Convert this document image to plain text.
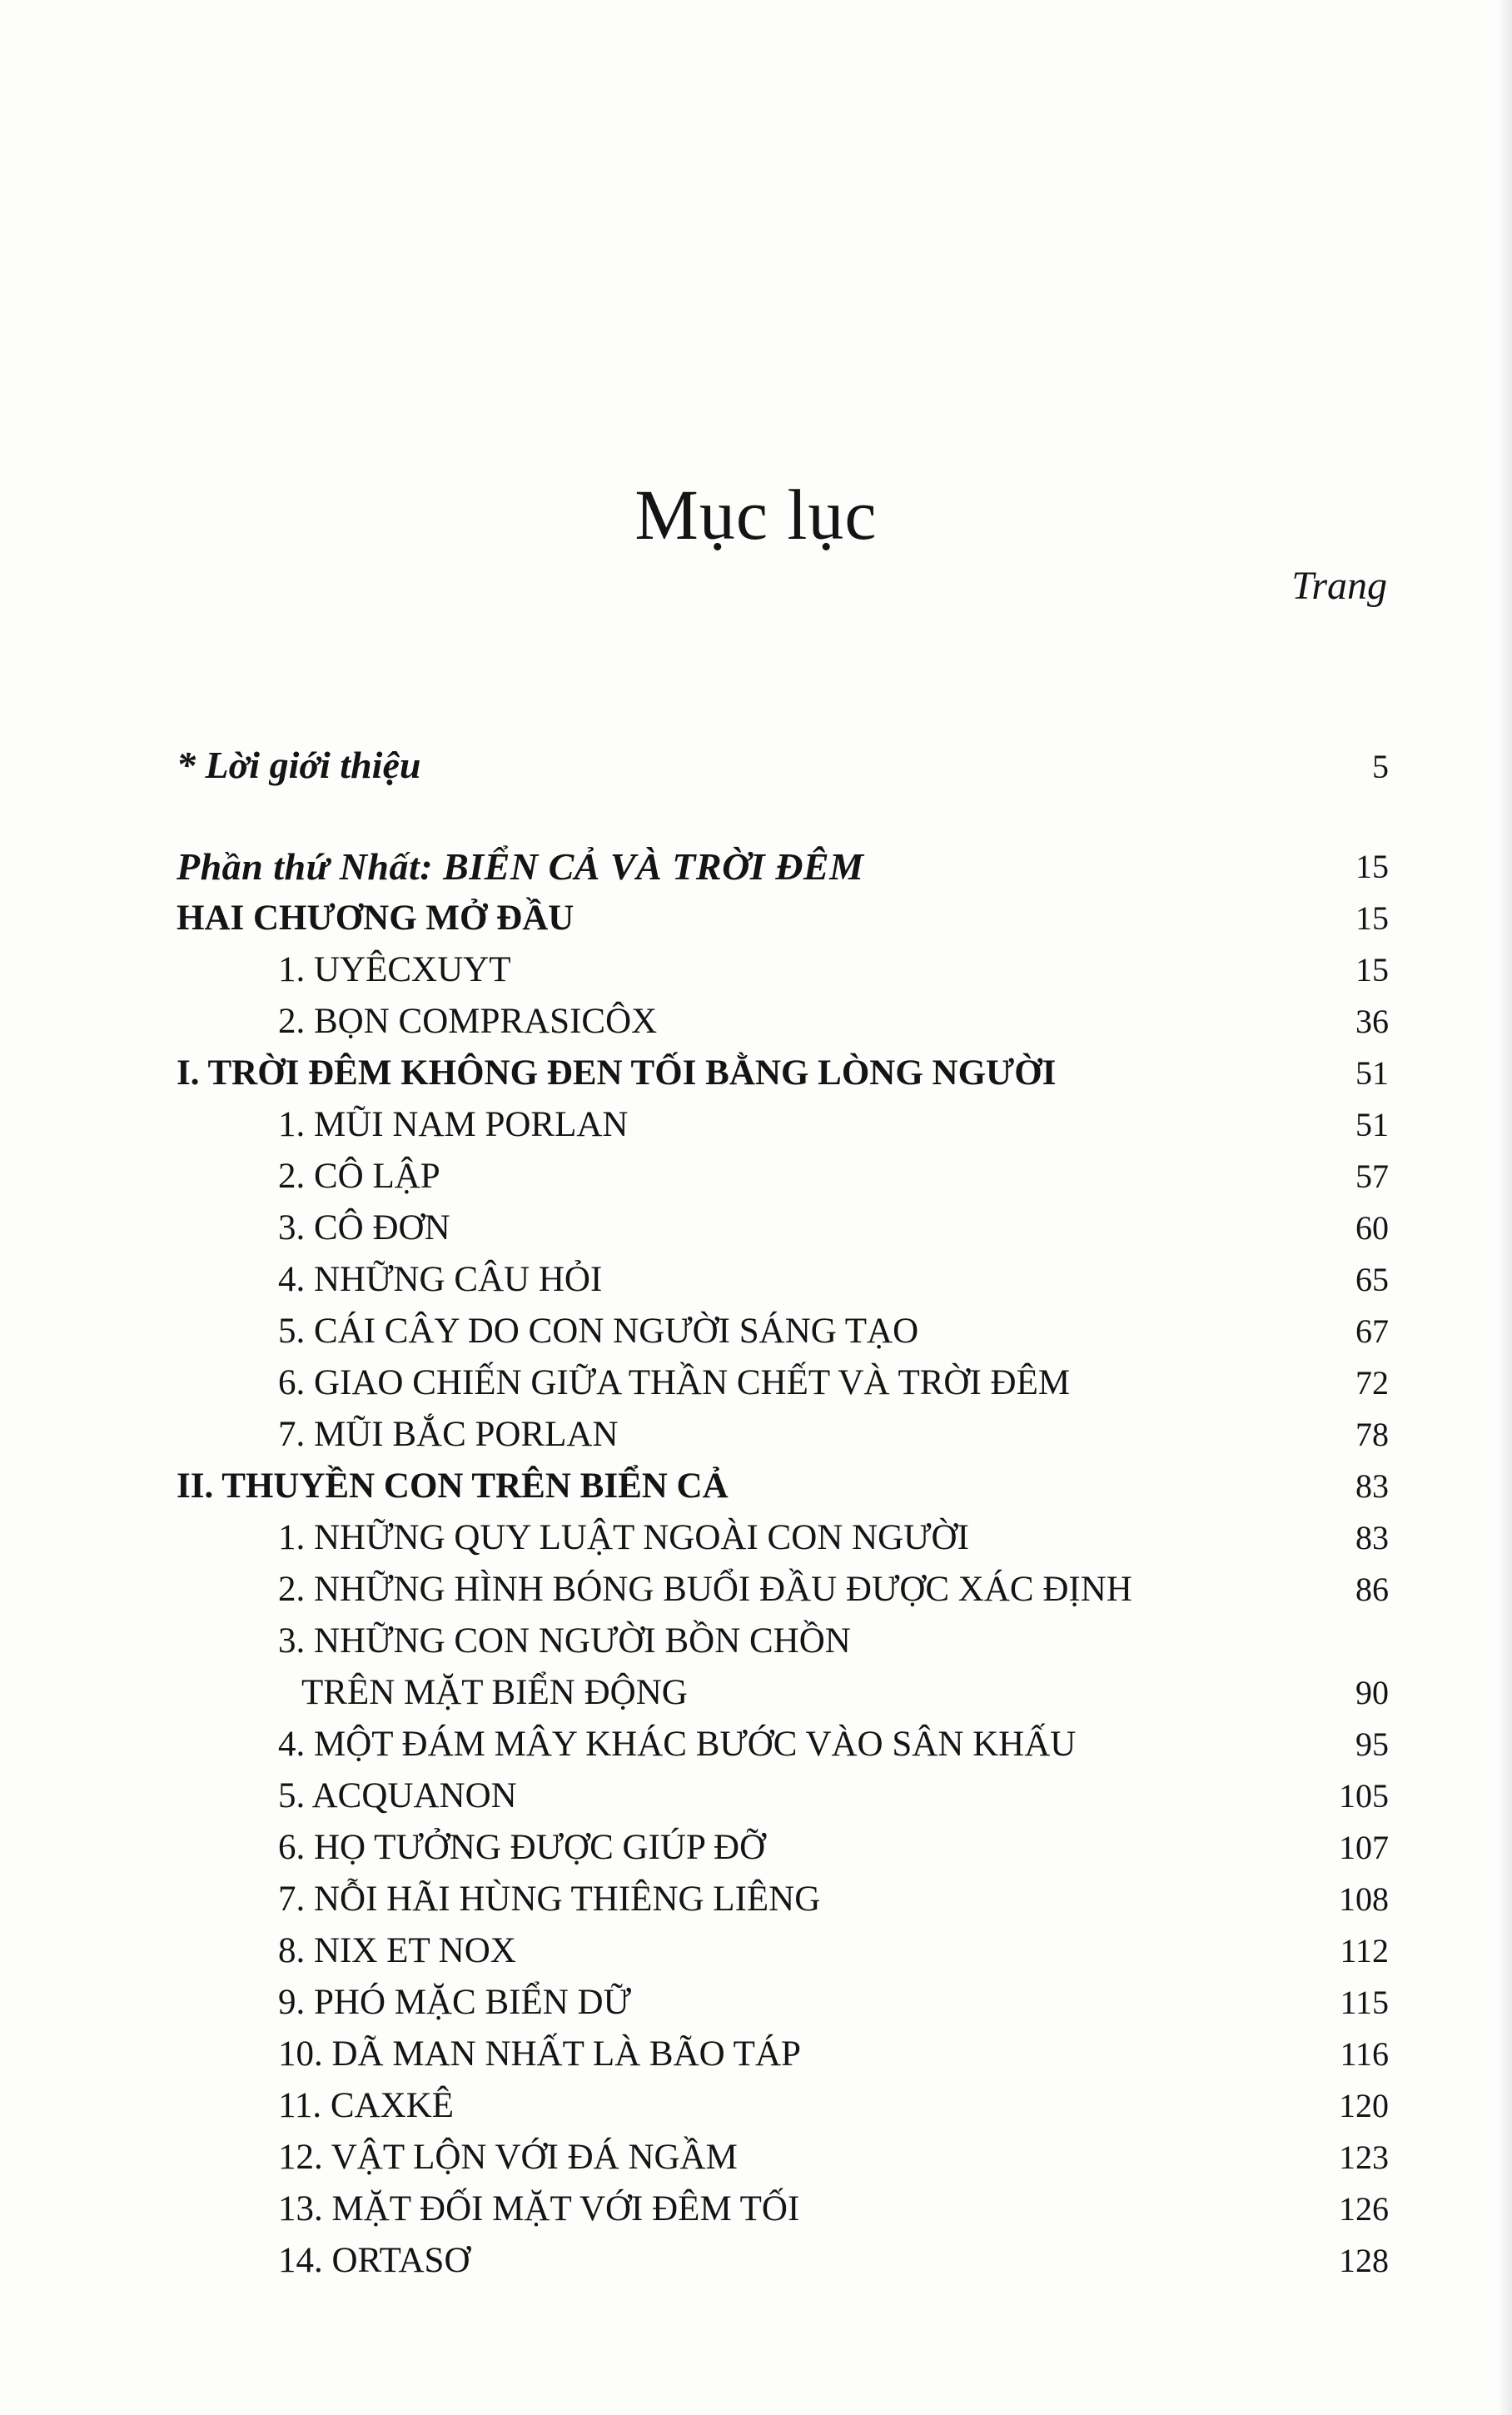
Mục lục
Trang
* Lời giới thiệu	5
Phần thứ Nhất: BIỂN CẢ VÀ TRỜI ĐÊM	15
HAI CHƯƠNG MỞ ĐẦU	15
1. UYÊCXUYT	15
2. BỌN COMPRASICÔX	36
I. TRỜI ĐÊM KHÔNG ĐEN TỐI BẰNG LÒNG NGƯỜI	51
1. MŨI NAM PORLAN	51
2. CÔ LẬP	57
3. CÔ ĐƠN	60
4. NHỮNG CÂU HỎI	65
5. CÁI CÂY DO CON NGƯỜI SÁNG TẠO	67
6. GIAO CHIẾN GIỮA THẦN CHẾT VÀ TRỜI ĐÊM	72
7. MŨI BẮC PORLAN	78
II. THUYỀN CON TRÊN BIỂN CẢ	83
1. NHỮNG QUY LUẬT NGOÀI CON NGƯỜI	83
2. NHỮNG HÌNH BÓNG BUỔI ĐẦU ĐƯỢC XÁC ĐỊNH	86
3. NHỮNG CON NGƯỜI BỒN CHỒN
TRÊN MẶT BIỂN ĐỘNG	90
4. MỘT ĐÁM MÂY KHÁC BƯỚC VÀO SÂN KHẤU	95
5. ACQUANON	105
6. HỌ TƯỞNG ĐƯỢC GIÚP ĐỠ	107
7. NỖI HÃI HÙNG THIÊNG LIÊNG	108
8. NIX ET NOX	112
9. PHÓ MẶC BIỂN DỮ	115
10. DÃ MAN NHẤT LÀ BÃO TÁP	116
11. CAXKÊ	120
12. VẬT LỘN VỚI ĐÁ NGẦM	123
13. MẶT ĐỐI MẶT VỚI ĐÊM TỐI	126
14. ORTASƠ	128
